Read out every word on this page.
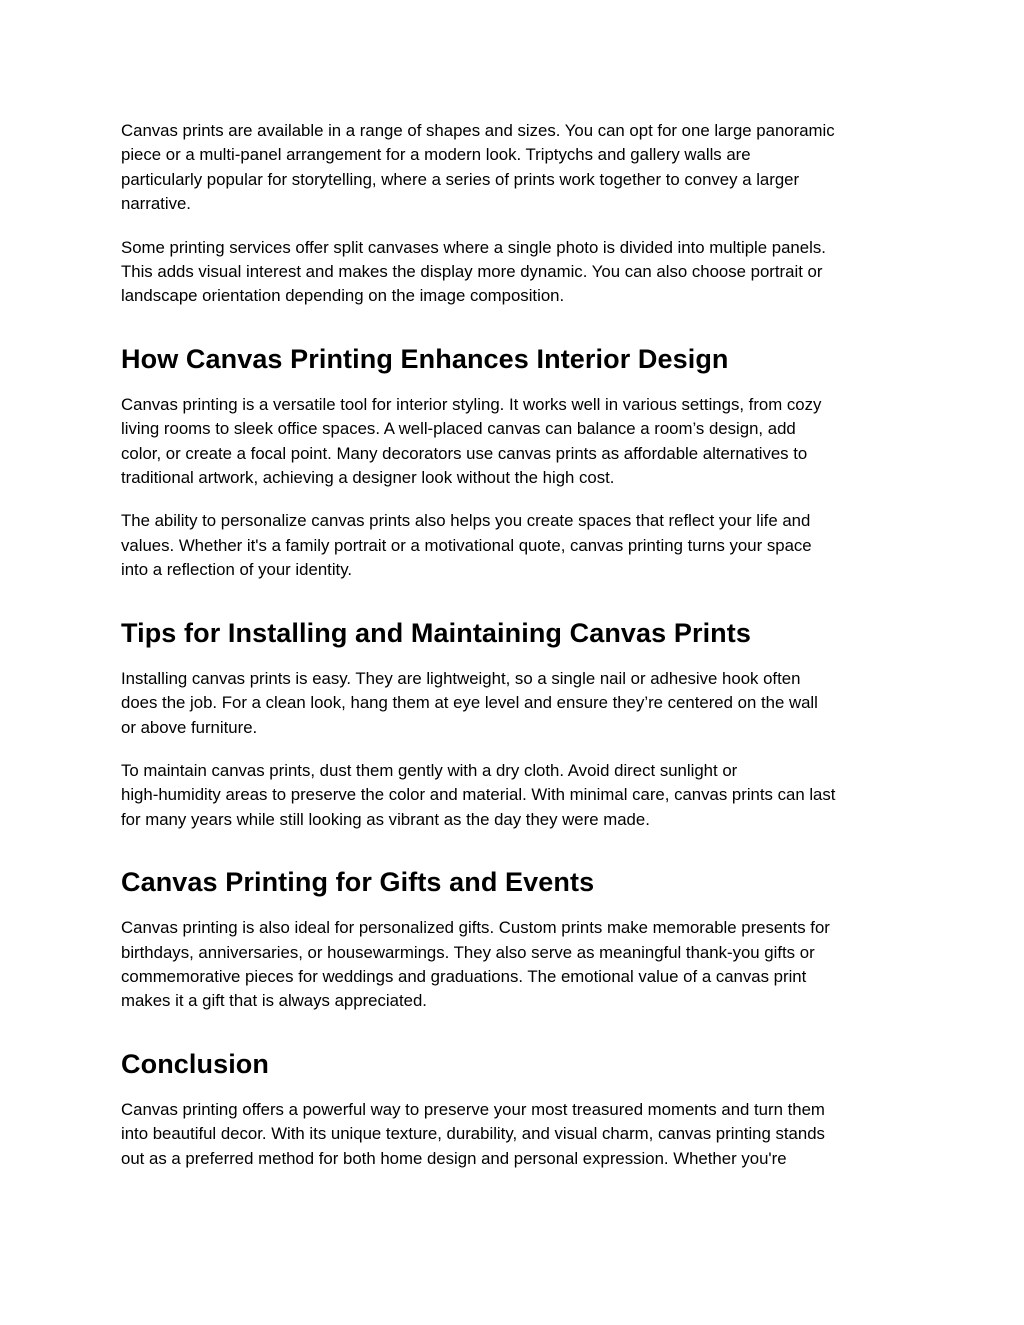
Canvas prints are available in a range of shapes and sizes. You can opt for one large panoramic
piece or a multi-panel arrangement for a modern look. Triptychs and gallery walls are
particularly popular for storytelling, where a series of prints work together to convey a larger
narrative.

Some printing services offer split canvases where a single photo is divided into multiple panels.
This adds visual interest and makes the display more dynamic. You can also choose portrait or
landscape orientation depending on the image composition.

How Canvas Printing Enhances Interior Design

Canvas printing is a versatile tool for interior styling. It works well in various settings, from cozy
living rooms to sleek office spaces. A well-placed canvas can balance a room’s design, add
color, or create a focal point. Many decorators use canvas prints as affordable alternatives to
traditional artwork, achieving a designer look without the high cost.

The ability to personalize canvas prints also helps you create spaces that reflect your life and
values. Whether it's a family portrait or a motivational quote, canvas printing turns your space
into a reflection of your identity.

Tips for Installing and Maintaining Canvas Prints

Installing canvas prints is easy. They are lightweight, so a single nail or adhesive hook often
does the job. For a clean look, hang them at eye level and ensure they’re centered on the wall
or above furniture.

To maintain canvas prints, dust them gently with a dry cloth. Avoid direct sunlight or
high-humidity areas to preserve the color and material. With minimal care, canvas prints can last
for many years while still looking as vibrant as the day they were made.

Canvas Printing for Gifts and Events

Canvas printing is also ideal for personalized gifts. Custom prints make memorable presents for
birthdays, anniversaries, or housewarmings. They also serve as meaningful thank-you gifts or
commemorative pieces for weddings and graduations. The emotional value of a canvas print
makes it a gift that is always appreciated.

Conclusion

Canvas printing offers a powerful way to preserve your most treasured moments and turn them
into beautiful decor. With its unique texture, durability, and visual charm, canvas printing stands
out as a preferred method for both home design and personal expression. Whether you're
